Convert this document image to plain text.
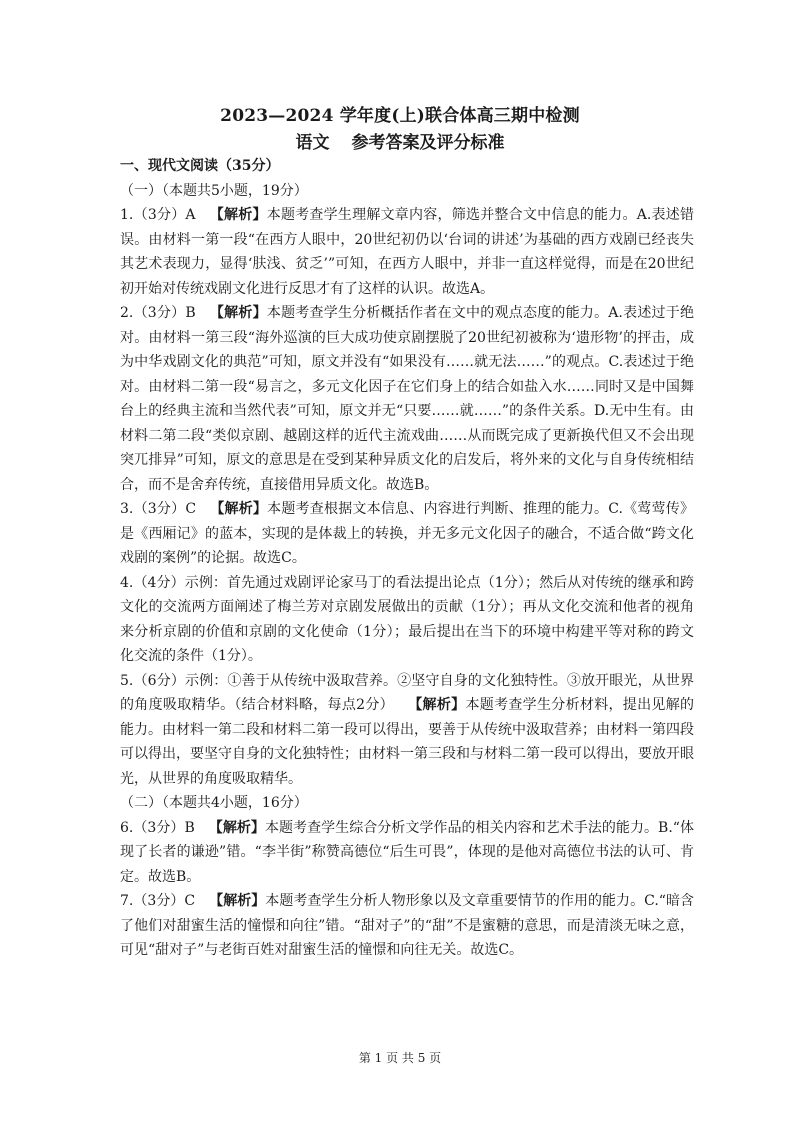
2023—2024 学年度(上)联合体高三期中检测
语文 参考答案及评分标准
一、现代文阅读（35分）
（一）（本题共5小题，19分）

1.（3分）A 【解析】本题考查学生理解文章内容，筛选并整合文中信息的能力。A.表述错误。由材料一第一段“在西方人眼中，20世纪初仍以‘台词的讲述’为基础的西方戏剧已经丧失其艺术表现力，显得‘肤浅、贫乏’”可知，在西方人眼中，并非一直这样觉得，而是在20世纪初开始对传统戏剧文化进行反思才有了这样的认识。故选A。

2.（3分）B 【解析】本题考查学生分析概括作者在文中的观点态度的能力。A.表述过于绝对。由材料一第三段“海外巡演的巨大成功使京剧摆脱了20世纪初被称为‘遗形物’的抨击，成为中华戏剧文化的典范”可知，原文并没有“如果没有……就无法……”的观点。C.表述过于绝对。由材料二第一段“易言之，多元文化因子在它们身上的结合如盐入水……同时又是中国舞台上的经典主流和当然代表”可知，原文并无“只要……就……”的条件关系。D.无中生有。由材料二第二段“类似京剧、越剧这样的近代主流戏曲……从而既完成了更新换代但又不会出现突兀排异”可知，原文的意思是在受到某种异质文化的启发后，将外来的文化与自身传统相结合，而不是舍弃传统，直接借用异质文化。故选B。

3.（3分）C 【解析】本题考查根据文本信息、内容进行判断、推理的能力。C.《莺莺传》是《西厢记》的蓝本，实现的是体裁上的转换，并无多元文化因子的融合，不适合做“跨文化戏剧的案例”的论据。故选C。

4.（4分）示例：首先通过戏剧评论家马丁的看法提出论点（1分）；然后从对传统的继承和跨文化的交流两方面阐述了梅兰芳对京剧发展做出的贡献（1分）；再从文化交流和他者的视角来分析京剧的价值和京剧的文化使命（1分）；最后提出在当下的环境中构建平等对称的跨文化交流的条件（1分）。

5.（6分）示例：①善于从传统中汲取营养。②坚守自身的文化独特性。③放开眼光，从世界的角度吸取精华。（结合材料略，每点2分） 【解析】本题考查学生分析材料，提出见解的能力。由材料一第二段和材料二第一段可以得出，要善于从传统中汲取营养；由材料一第四段可以得出，要坚守自身的文化独特性；由材料一第三段和与材料二第一段可以得出，要放开眼光，从世界的角度吸取精华。

（二）（本题共4小题，16分）

6.（3分）B 【解析】本题考查学生综合分析文学作品的相关内容和艺术手法的能力。B.“体现了长者的谦逊”错。“李半街”称赞高德位“后生可畏”，体现的是他对高德位书法的认可、肯定。故选B。

7.（3分）C 【解析】本题考查学生分析人物形象以及文章重要情节的作用的能力。C.“暗含了他们对甜蜜生活的憧憬和向往”错。“甜对子”的“甜”不是蜜糖的意思，而是清淡无味之意，可见“甜对子”与老街百姓对甜蜜生活的憧憬和向往无关。故选C。

第 1 页 共 5 页
